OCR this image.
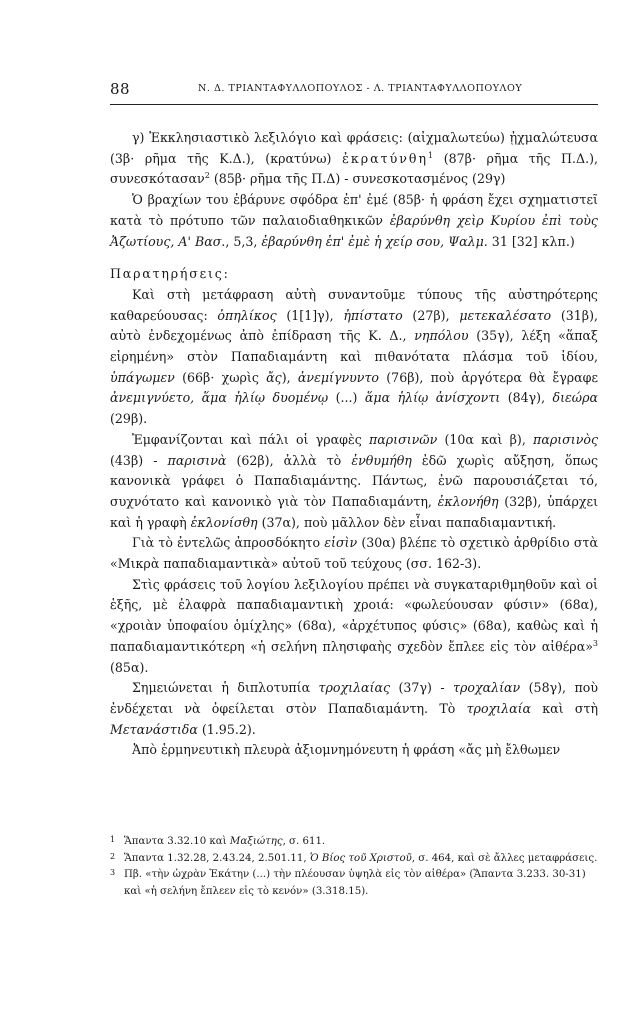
88	Ν. Δ. ΤΡΙΑΝΤΑΦΥΛΛΟΠΟΥΛΟΣ - Λ. ΤΡΙΑΝΤΑΦΥΛΛΟΠΟΥΛΟΥ

γ) Ἐκκλησιαστικὸ λεξιλόγιο καὶ φράσεις: (αἰχμαλωτεύω) ᾐχμαλώτευσα (3β· ρῆμα τῆς Κ.Δ.), (κρατύνω) ἐκρατύνθη$^1$ (87β· ρῆμα τῆς Π.Δ.), συνεσκότασαν$^2$ (85β· ρῆμα τῆς Π.Δ) - συνεσκοτασμένος (29γ)

Ὁ βραχίων του ἐβάρυνε σφόδρα ἐπ' ἐμέ (85β· ἡ φράση ἔχει σχηματιστεῖ κατὰ τὸ πρότυπο τῶν παλαιοδιαθηκικῶν ἐβαρύνθη χεὶρ Κυρίου ἐπὶ τοὺς Ἀζωτίους, Α' Βασ., 5,3, ἐβαρύνθη ἐπ' ἐμὲ ἡ χείρ σου, Ψαλμ. 31 [32] κλπ.)

Παρατηρήσεις:

Καὶ στὴ μετάφραση αὐτὴ συναντοῦμε τύπους τῆς αὐστηρότερης καθαρεύουσας: ὀπηλίκος (1[1]γ), ἠπίστατο (27β), μετεκαλέσατο (31β), αὐτὸ ἐνδεχομένως ἀπὸ ἐπίδραση τῆς Κ. Δ., νηπόλου (35γ), λέξη «ἅπαξ εἰρημένη» στὸν Παπαδιαμάντη καὶ πιθανότατα πλάσμα τοῦ ἰδίου, ὑπάγωμεν (66β· χωρὶς ἄς), ἀνεμίγνυντο (76β), ποὺ ἀργότερα θὰ ἔγραφε ἀνεμιγνύετο, ἅμα ἡλίῳ δυομένῳ (...) ἅμα ἡλίῳ ἀνίσχοντι (84γ), διεώρα (29β).

Ἐμφανίζονται καὶ πάλι οἱ γραφὲς παρισινῶν (10α καὶ β), παρισινὸς (43β) - παρισινὰ (62β), ἀλλὰ τὸ ἐνθυμήθη ἐδῶ χωρὶς αὔξηση, ὅπως κανονικὰ γράφει ὁ Παπαδιαμάντης. Πάντως, ἐνῶ παρουσιάζεται τό, συχνότατο καὶ κανονικὸ γιὰ τὸν Παπαδιαμάντη, ἐκλονήθη (32β), ὑπάρχει καὶ ἡ γραφὴ ἐκλονίσθη (37α), ποὺ μᾶλλον δὲν εἶναι παπαδιαμαντική.

Γιὰ τὸ ἐντελῶς ἀπροσδόκητο εἰσὶν (30α) βλέπε τὸ σχετικὸ ἀρθρίδιο στὰ «Μικρὰ παπαδιαμαντικὰ» αὐτοῦ τοῦ τεύχους (σσ. 162-3).

Στὶς φράσεις τοῦ λογίου λεξιλογίου πρέπει νὰ συγκαταριθμηθοῦν καὶ οἱ ἑξῆς, μὲ ἐλαφρὰ παπαδιαμαντικὴ χροιά: «φωλεύουσαν φύσιν» (68α), «χροιὰν ὑποφαίου ὁμίχλης» (68α), «ἀρχέτυπος φύσις» (68α), καθὼς καὶ ἡ παπαδιαμαντικότερη «ἡ σελήνη πλησιφαὴς σχεδὸν ἔπλεε εἰς τὸν αἰθέρα»$^3$ (85α).

Σημειώνεται ἡ διπλοτυπία τροχιλαίας (37γ) - τροχαλίαν (58γ), ποὺ ἐνδέχεται νὰ ὀφείλεται στὸν Παπαδιαμάντη. Τὸ τροχιλαία καὶ στὴ Μετανάστιδα (1.95.2).

Ἀπὸ ἑρμηνευτικὴ πλευρὰ ἀξιομνημόνευτη ἡ φράση «ἄς μὴ ἔλθωμεν

1 Ἅπαντα 3.32.10 καὶ Μαξιώτης, σ. 611.
2 Ἅπαντα 1.32.28, 2.43.24, 2.501.11, Ὁ Βίος τοῦ Χριστοῦ, σ. 464, καὶ σὲ ἄλλες μεταφράσεις.
3 Πβ. «τὴν ὠχρὰν Ἑκάτην (...) τὴν πλέουσαν ὑψηλὰ εἰς τὸν αἰθέρα» (Ἅπαντα 3.233. 30-31) καὶ «ἡ σελήνη ἔπλεεν εἰς τὸ κενόν» (3.318.15).
